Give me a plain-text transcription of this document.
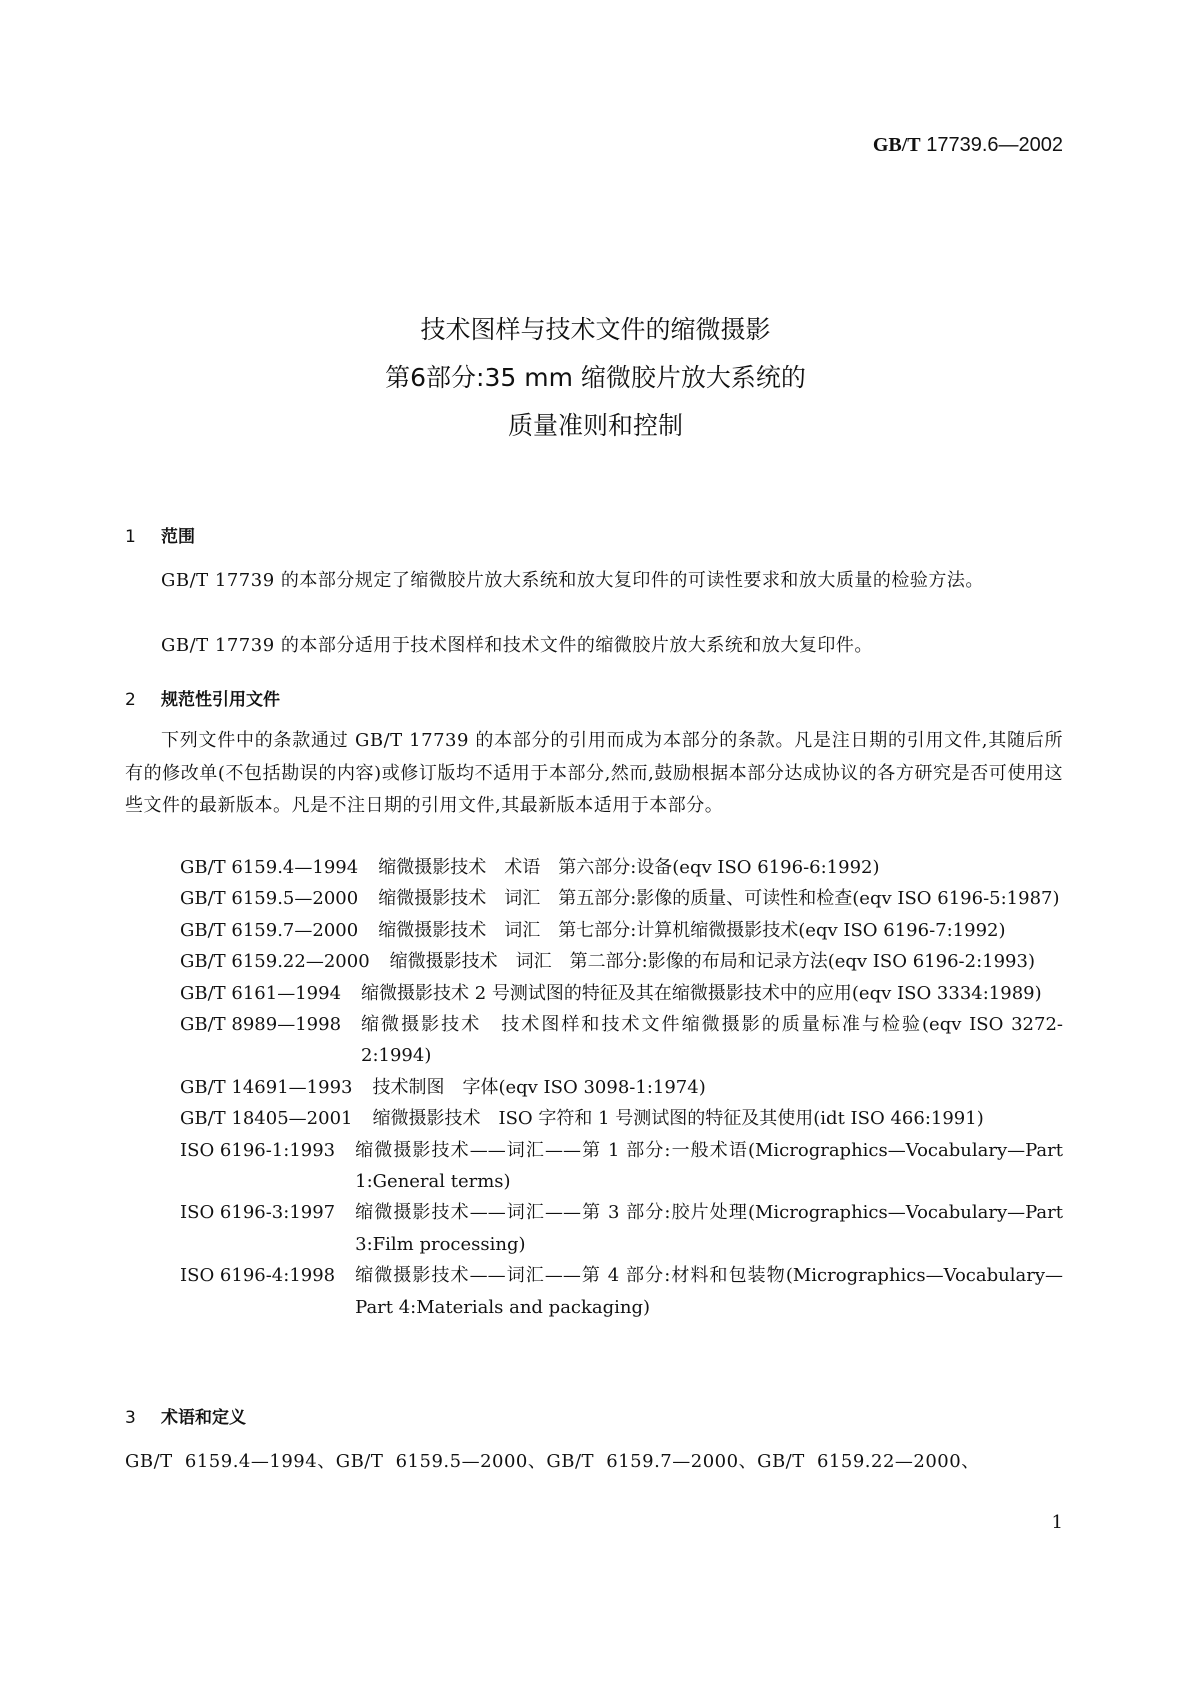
GB/T 17739.6—2002
技术图样与技术文件的缩微摄影
第6部分:35 mm 缩微胶片放大系统的
质量准则和控制
1 范围
GB/T 17739 的本部分规定了缩微胶片放大系统和放大复印件的可读性要求和放大质量的检验方法。
GB/T 17739 的本部分适用于技术图样和技术文件的缩微胶片放大系统和放大复印件。
2 规范性引用文件
下列文件中的条款通过 GB/T 17739 的本部分的引用而成为本部分的条款。凡是注日期的引用文件,其随后所有的修改单(不包括勘误的内容)或修订版均不适用于本部分,然而,鼓励根据本部分达成协议的各方研究是否可使用这些文件的最新版本。凡是不注日期的引用文件,其最新版本适用于本部分。
GB/T 6159.4—1994	缩微摄影技术　术语　第六部分:设备(eqv ISO 6196-6:1992)
GB/T 6159.5—2000	缩微摄影技术　词汇　第五部分:影像的质量、可读性和检查(eqv ISO 6196-5:1987)
GB/T 6159.7—2000	缩微摄影技术　词汇　第七部分:计算机缩微摄影技术(eqv ISO 6196-7:1992)
GB/T 6159.22—2000	缩微摄影技术　词汇　第二部分:影像的布局和记录方法(eqv ISO 6196-2:1993)
GB/T 6161—1994	缩微摄影技术 2 号测试图的特征及其在缩微摄影技术中的应用(eqv ISO 3334:1989)
GB/T 8989—1998	缩微摄影技术　技术图样和技术文件缩微摄影的质量标准与检验(eqv ISO 3272-2:1994)
GB/T 14691—1993	技术制图　字体(eqv ISO 3098-1:1974)
GB/T 18405—2001	缩微摄影技术　ISO 字符和 1 号测试图的特征及其使用(idt ISO 466:1991)
ISO 6196-1:1993	缩微摄影技术——词汇——第 1 部分:一般术语(Micrographics—Vocabulary—Part 1:General terms)
ISO 6196-3:1997	缩微摄影技术——词汇——第 3 部分:胶片处理(Micrographics—Vocabulary—Part 3:Film processing)
ISO 6196-4:1998	缩微摄影技术——词汇——第 4 部分:材料和包装物(Micrographics—Vocabulary—Part 4:Materials and packaging)
3 术语和定义
GB/T 6159.4—1994、GB/T 6159.5—2000、GB/T 6159.7—2000、GB/T 6159.22—2000、
1
